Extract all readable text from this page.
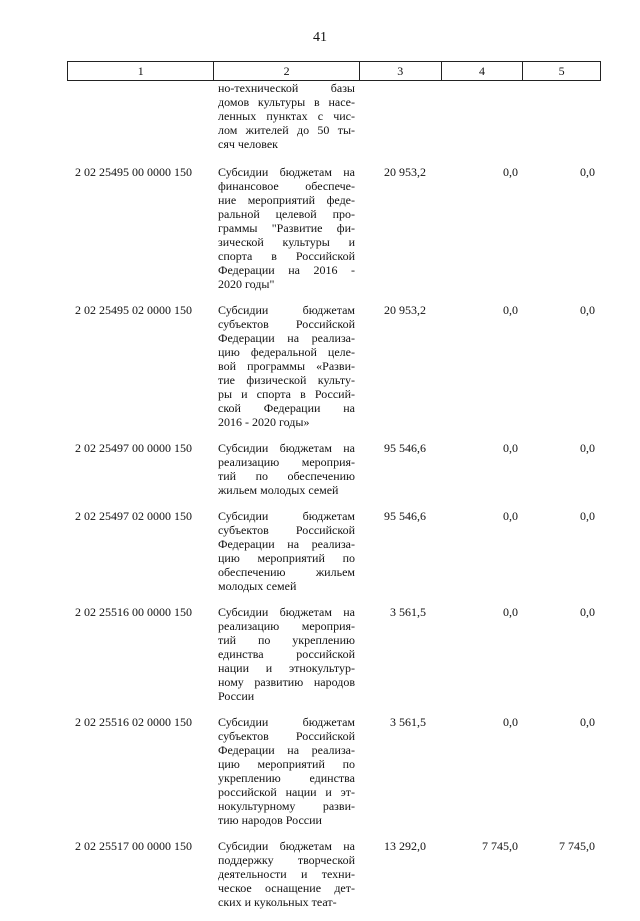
41
1	2	3	4	5
но-технической базы
домов культуры в насе-
ленных пунктах с чис-
лом жителей до 50 ты-
сяч человек
2 02 25495 00 0000 150	Субсидии бюджетам на
финансовое обеспече-
ние мероприятий феде-
ральной целевой про-
граммы "Развитие фи-
зической культуры и
спорта в Российской
Федерации на 2016 -
2020 годы"
20 953,2	0,0	0,0
2 02 25495 02 0000 150	Субсидии бюджетам
субъектов Российской
Федерации на реализа-
цию федеральной целе-
вой программы «Разви-
тие физической культу-
ры и спорта в Россий-
ской Федерации на
2016 - 2020 годы»
20 953,2	0,0	0,0
2 02 25497 00 0000 150	Субсидии бюджетам на
реализацию мероприя-
тий по обеспечению
жильем молодых семей
95 546,6	0,0	0,0
2 02 25497 02 0000 150	Субсидии бюджетам
субъектов Российской
Федерации на реализа-
цию мероприятий по
обеспечению жильем
молодых семей
95 546,6	0,0	0,0
2 02 25516 00 0000 150	Субсидии бюджетам на
реализацию мероприя-
тий по укреплению
единства российской
нации и этнокультур-
ному развитию народов
России
3 561,5	0,0	0,0
2 02 25516 02 0000 150	Субсидии бюджетам
субъектов Российской
Федерации на реализа-
цию мероприятий по
укреплению единства
российской нации и эт-
нокультурному разви-
тию народов России
3 561,5	0,0	0,0
2 02 25517 00 0000 150	Субсидии бюджетам на
поддержку творческой
деятельности и техни-
ческое оснащение дет-
ских и кукольных теат-
13 292,0	7 745,0	7 745,0
